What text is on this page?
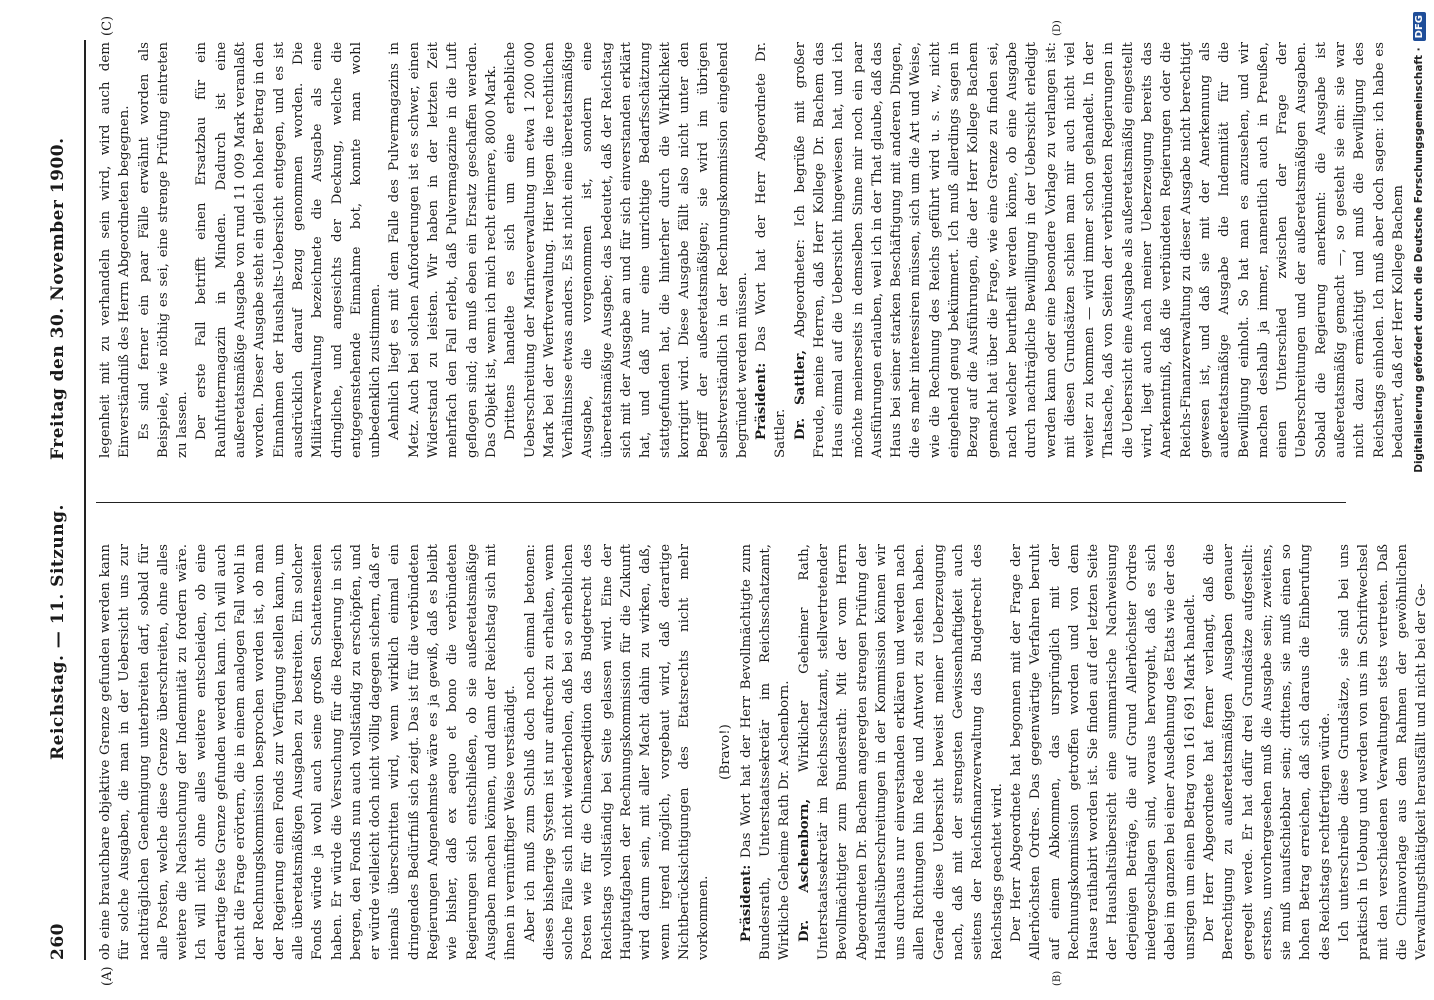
260
Reichstag. — 11. Sitzung.
Freitag den 30. November 1900.
(A)	(B)
(C)	(D)

ob eine brauchbare objektive Grenze gefunden werden kann für solche Ausgaben, die man in der Uebersicht uns zur nachträglichen Genehmigung unterbreiten darf, sobald für alle Posten, welche diese Grenze überschreiten, ohne alles weitere die Nachsuchung der Indemnität zu fordern wäre. Ich will nicht ohne alles weitere entscheiden, ob eine derartige feste Grenze gefunden werden kann. Ich will auch nicht die Frage erörtern, die in einem analogen Fall wohl in der Rechnungskommission besprochen worden ist, ob man der Regierung einen Fonds zur Verfügung stellen kann, um alle überetatsmäßigen Ausgaben zu bestreiten. Ein solcher Fonds würde ja wohl auch seine großen Schattenseiten haben. Er würde die Versuchung für die Regierung in sich bergen, den Fonds nun auch vollständig zu erschöpfen, und er würde vielleicht doch nicht völlig dagegen sichern, daß er niemals überschritten wird, wenn wirklich einmal ein dringendes Bedürfniß sich zeigt. Das ist für die verbündeten Regierungen Angenehmste wäre es ja gewiß, daß es bleibt wie bisher, daß ex aequo et bono die verbündeten Regierungen sich entschließen, ob sie außeretatsmäßige Ausgaben machen können, und dann der Reichstag sich mit ihnen in vernünftiger Weise verständigt. Aber ich muß zum Schluß doch noch einmal betonen: dieses bisherige System ist nur aufrecht zu erhalten, wenn solche Fälle sich nicht wiederholen, daß bei so erheblichen Posten wie für die Chinaexpedition das Budgetrecht des Reichstags vollständig bei Seite gelassen wird. Eine der Hauptaufgaben der Rechnungskommission für die Zukunft wird darum sein, mit aller Macht dahin zu wirken, daß, wenn irgend möglich, vorgebaut wird, daß derartige Nichtberücksichtigungen des Etatsrechts nicht mehr vorkommen.

(Bravo!)

Präsident: Das Wort hat der Herr Bevollmächtigte zum Bundesrath, Unterstaatssekretär im Reichsschatzamt, Wirkliche Geheime Rath Dr. Aschenborn. Dr. Aschenborn, Wirklicher Geheimer Rath, Unterstaatssekretär im Reichsschatzamt, stellvertretender Bevollmächtigter zum Bundesrath: Mit der vom Herrn Abgeordneten Dr. Bachem angeregten strengen Prüfung der Haushaltsüberschreitungen in der Kommission können wir uns durchaus nur einverstanden erklären und werden nach allen Richtungen hin Rede und Antwort zu stehen haben. Gerade diese Uebersicht beweist meiner Ueberzeugung nach, daß mit der strengsten Gewissenhaftigkeit auch seitens der Reichsfinanzverwaltung das Budgetrecht des Reichstags geachtet wird. Der Herr Abgeordnete hat begonnen mit der Frage der Allerhöchsten Ordres. Das gegenwärtige Verfahren beruht auf einem Abkommen, das ursprünglich mit der Rechnungskommission getroffen worden und von dem Hause ratihabirt worden ist. Sie finden auf der letzten Seite der Haushaltsübersicht eine summarische Nachweisung derjenigen Beträge, die auf Grund Allerhöchster Ordres niedergeschlagen sind, woraus hervorgeht, daß es sich dabei im ganzen bei einer Ausdehnung des Etats wie der des unsrigen um einen Betrag von 161 691 Mark handelt. Der Herr Abgeordnete hat ferner verlangt, daß die Berechtigung zu außeretatsmäßigen Ausgaben genauer geregelt werde. Er hat dafür drei Grundsätze aufgestellt: erstens, unvorhergesehen muß die Ausgabe sein; zweitens, sie muß unaufschiebbar sein; drittens, sie muß einen so hohen Betrag erreichen, daß sich daraus die Einberufung des Reichstags rechtfertigen würde. Ich unterschreibe diese Grundsätze, sie sind bei uns praktisch in Uebung und werden von uns im Schriftwechsel mit den verschiedenen Verwaltungen stets vertreten. Daß die Chinavorlage aus dem Rahmen der gewöhnlichen Verwaltungsthätigkeit herausfällt und nicht bei der Ge-

legenheit mit zu verhandeln sein wird, wird auch dem Einverständniß des Herrn Abgeordneten begegnen. Es sind ferner ein paar Fälle erwähnt worden als Beispiele, wie nöthig es sei, eine strenge Prüfung eintreten zu lassen. Der erste Fall betrifft einen Ersatzbau für ein Rauhfuttermagazin in Minden. Dadurch ist eine außeretatsmäßige Ausgabe von rund 11 009 Mark veranlaßt worden. Dieser Ausgabe steht ein gleich hoher Betrag in den Einnahmen der Haushalts-Uebersicht entgegen, und es ist ausdrücklich darauf Bezug genommen worden. Die Militärverwaltung bezeichnete die Ausgabe als eine dringliche, und angesichts der Deckung, welche die entgegenstehende Einnahme bot, konnte man wohl unbedenklich zustimmen. Aehnlich liegt es mit dem Falle des Pulvermagazins in Metz. Auch bei solchen Anforderungen ist es schwer, einen Widerstand zu leisten. Wir haben in der letzten Zeit mehrfach den Fall erlebt, daß Pulvermagazine in die Luft geflogen sind; da muß eben ein Ersatz geschaffen werden. Das Objekt ist, wenn ich mich recht erinnere, 8000 Mark. Drittens handelte es sich um eine erhebliche Ueberschreitung der Marineverwaltung um etwa 1 200 000 Mark bei der Werftverwaltung. Hier liegen die rechtlichen Verhältnisse etwas anders. Es ist nicht eine überetatsmäßige Ausgabe, die vorgenommen ist, sondern eine überetatsmäßige Ausgabe; das bedeutet, daß der Reichstag sich mit der Ausgabe an und für sich einverstanden erklärt hat, und daß nur eine unrichtige Bedarfsschätzung stattgefunden hat, die hinterher durch die Wirklichkeit korrigirt wird. Diese Ausgabe fällt also nicht unter den Begriff der außeretatsmäßigen; sie wird im übrigen selbstverständlich in der Rechnungskommission eingehend begründet werden müssen. Präsident: Das Wort hat der Herr Abgeordnete Dr. Sattler. Dr. Sattler, Abgeordneter: Ich begrüße mit großer Freude, meine Herren, daß Herr Kollege Dr. Bachem das Haus einmal auf die Uebersicht hingewiesen hat, und ich möchte meinerseits in demselben Sinne mir noch ein paar Ausführungen erlauben, weil ich in der That glaube, daß das Haus bei seiner starken Beschäftigung mit anderen Dingen, die es mehr interessiren müssen, sich um die Art und Weise, wie die Rechnung des Reichs geführt wird u. s. w., nicht eingehend genug bekümmert. Ich muß allerdings sagen in Bezug auf die Ausführungen, die der Herr Kollege Bachem gemacht hat über die Frage, wie eine Grenze zu finden sei, nach welcher beurtheilt werden könne, ob eine Ausgabe durch nachträgliche Bewilligung in der Uebersicht erledigt werden kann oder eine besondere Vorlage zu verlangen ist: mit diesen Grundsätzen schien man mir auch nicht viel weiter zu kommen — wird immer schon gehandelt. In der Thatsache, daß von Seiten der verbündeten Regierungen in die Uebersicht eine Ausgabe als außeretatsmäßig eingestellt wird, liegt auch nach meiner Ueberzeugung bereits das Anerkenntniß, daß die verbündeten Regierungen oder die Reichs-Finanzverwaltung zu dieser Ausgabe nicht berechtigt gewesen ist, und daß sie mit der Anerkennung als außeretatsmäßige Ausgabe die Indemnität für die Bewilligung einholt. So hat man es anzusehen, und wir machen deshalb ja immer, namentlich auch in Preußen, einen Unterschied zwischen der Frage der Ueberschreitungen und der außeretatsmäßigen Ausgaben. Sobald die Regierung anerkennt: die Ausgabe ist außeretatsmäßig gemacht —, so gesteht sie ein: sie war nicht dazu ermächtigt und muß die Bewilligung des Reichstags einholen. Ich muß aber doch sagen: ich habe es bedauert, daß der Herr Kollege Bachem Digitalisierung gefördert durch die Deutsche Forschungsgemeinschaft ·
DFG
